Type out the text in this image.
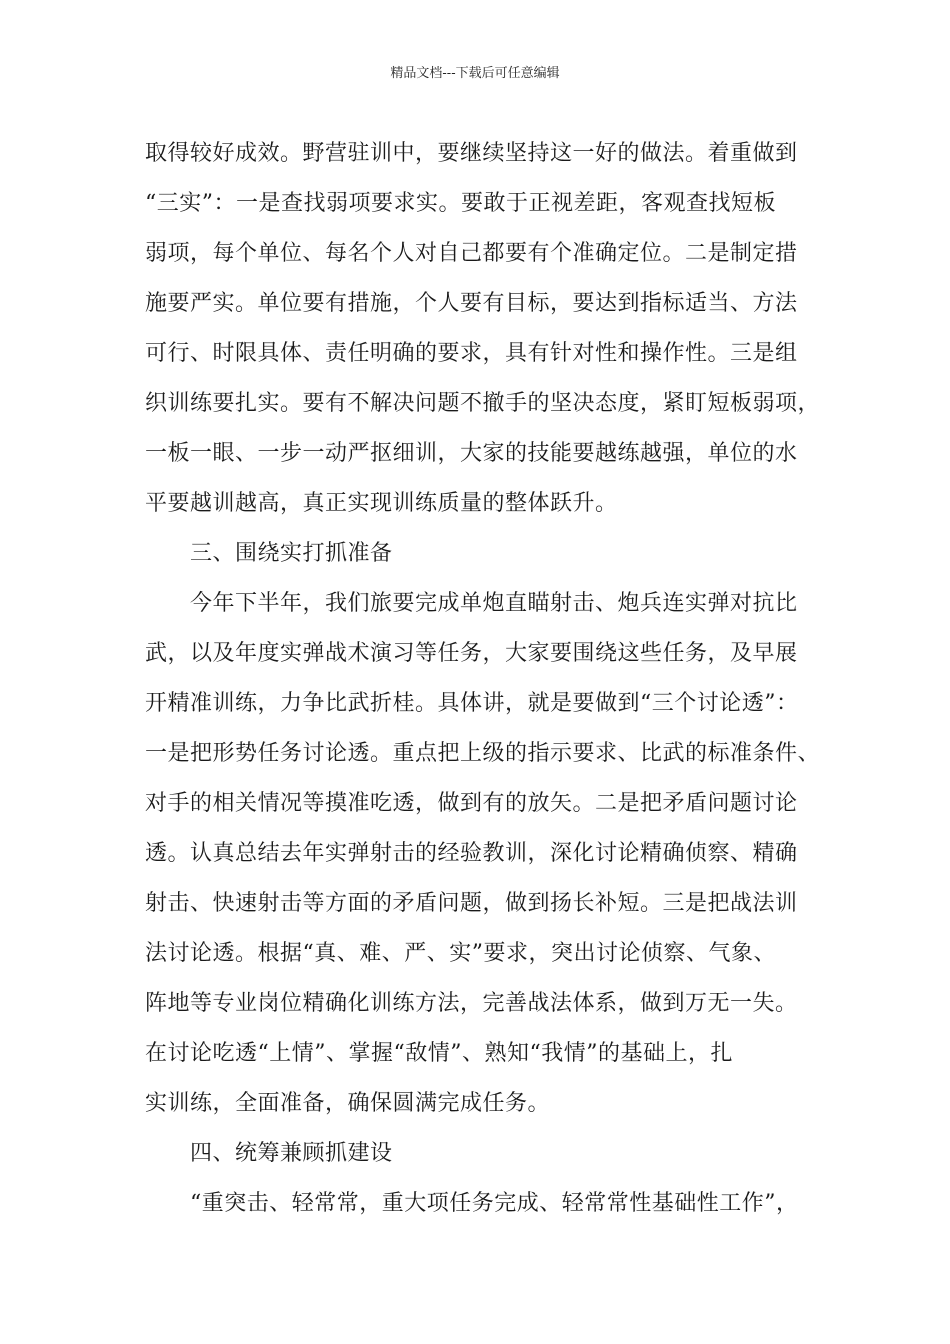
精品文档---下载后可任意编辑
取得较好成效。野营驻训中，要继续坚持这一好的做法。着重做到
“三实”：一是查找弱项要求实。要敢于正视差距，客观查找短板
弱项，每个单位、每名个人对自己都要有个准确定位。二是制定措
施要严实。单位要有措施，个人要有目标，要达到指标适当、方法
可行、时限具体、责任明确的要求，具有针对性和操作性。三是组
织训练要扎实。要有不解决问题不撤手的坚决态度，紧盯短板弱项，
一板一眼、一步一动严抠细训，大家的技能要越练越强，单位的水
平要越训越高，真正实现训练质量的整体跃升。
三、围绕实打抓准备
今年下半年，我们旅要完成单炮直瞄射击、炮兵连实弹对抗比
武，以及年度实弹战术演习等任务，大家要围绕这些任务，及早展
开精准训练，力争比武折桂。具体讲，就是要做到“三个讨论透”：
一是把形势任务讨论透。重点把上级的指示要求、比武的标准条件、
对手的相关情况等摸准吃透，做到有的放矢。二是把矛盾问题讨论
透。认真总结去年实弹射击的经验教训，深化讨论精确侦察、精确
射击、快速射击等方面的矛盾问题，做到扬长补短。三是把战法训
法讨论透。根据“真、难、严、实”要求，突出讨论侦察、气象、
阵地等专业岗位精确化训练方法，完善战法体系，做到万无一失。
在讨论吃透“上情”、掌握“敌情”、熟知“我情”的基础上，扎
实训练，全面准备，确保圆满完成任务。
四、统筹兼顾抓建设
“重突击、轻常常，重大项任务完成、轻常常性基础性工作”，
